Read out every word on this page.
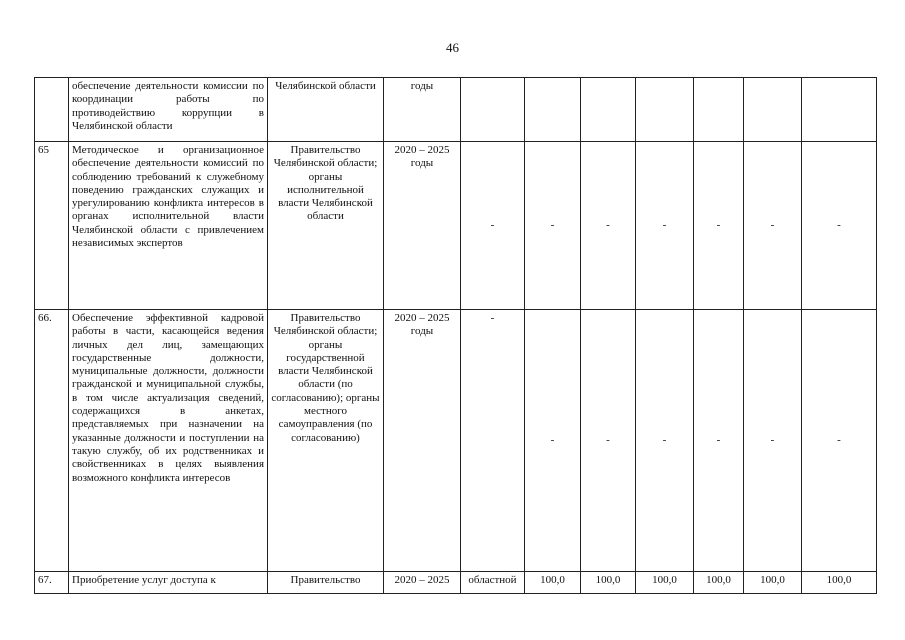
46
	обеспечение деятельности комиссии по координации работы по противодействию коррупции в Челябинской области	Челябинской области	годы							
65	Методическое и организационное обеспечение деятельности комиссий по соблюдению требований к служебному поведению гражданских служащих и урегулированию конфликта интересов в органах исполнительной власти Челябинской области с привлечением независимых экспертов	Правительство Челябинской области; органы исполнительной власти Челябинской области	2020 – 2025 годы	-	-	-	-	-	-	-
66.	Обеспечение эффективной кадровой работы в части, касающейся ведения личных дел лиц, замещающих государственные должности, муниципальные должности, должности гражданской и муниципальной службы, в том числе актуализация сведений, содержащихся в анкетах, представляемых при назначении на указанные должности и поступлении на такую службу, об их родственниках и свойственниках в целях выявления возможного конфликта интересов	Правительство Челябинской области; органы государственной власти Челябинской области (по согласованию); органы местного самоуправления (по согласованию)	2020 – 2025 годы	-	-	-	-	-	-	-
67.	Приобретение услуг доступа к	Правительство	2020 – 2025	областной	100,0	100,0	100,0	100,0	100,0	100,0
